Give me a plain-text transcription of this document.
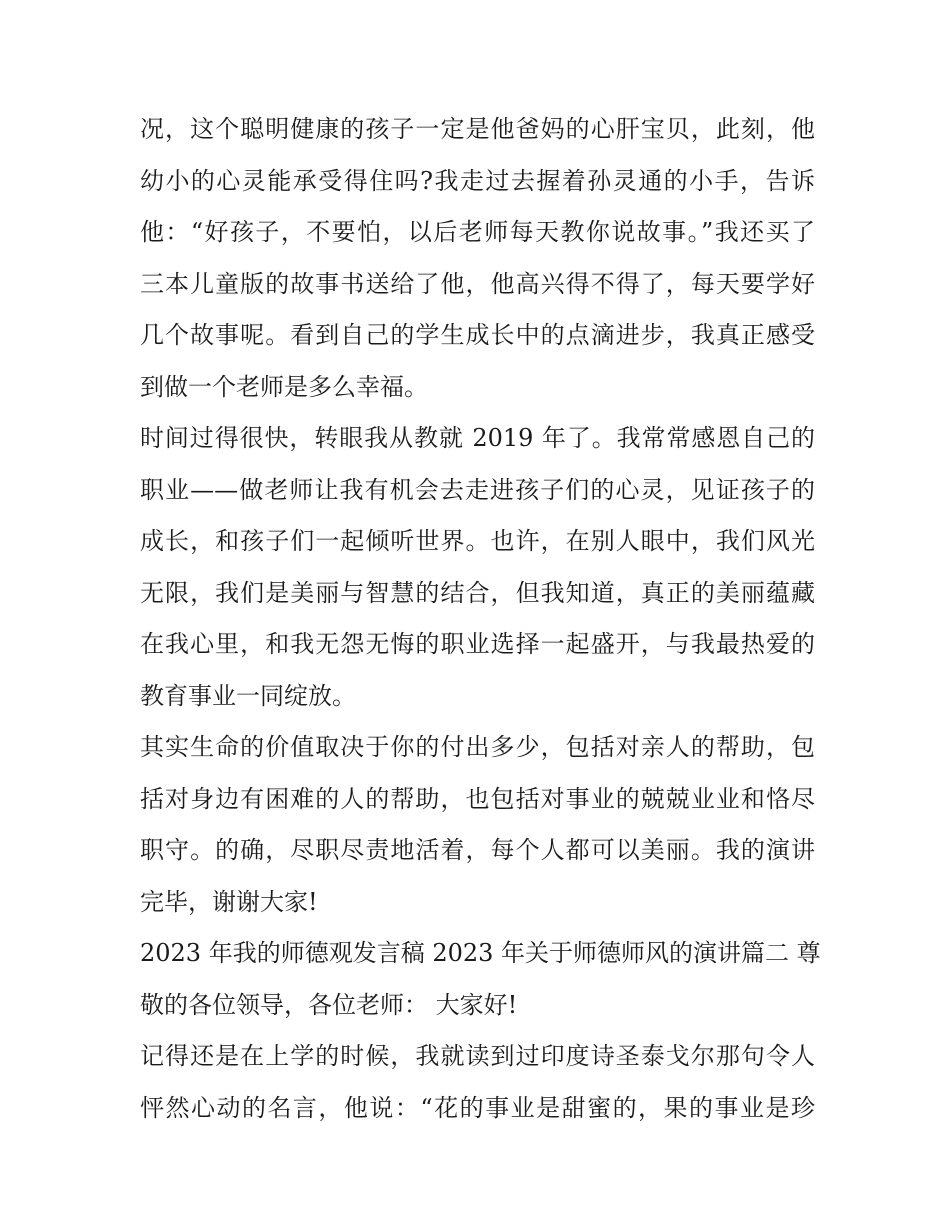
况，这个聪明健康的孩子一定是他爸妈的心肝宝贝，此刻，他
幼小的心灵能承受得住吗?我走过去握着孙灵通的小手，告诉
他：“好孩子，不要怕，以后老师每天教你说故事。”我还买了
三本儿童版的故事书送给了他，他高兴得不得了，每天要学好
几个故事呢。看到自己的学生成长中的点滴进步，我真正感受
到做一个老师是多么幸福。
时间过得很快，转眼我从教就 2019 年了。我常常感恩自己的
职业——做老师让我有机会去走进孩子们的心灵，见证孩子的
成长，和孩子们一起倾听世界。也许，在别人眼中，我们风光
无限，我们是美丽与智慧的结合，但我知道，真正的美丽蕴藏
在我心里，和我无怨无悔的职业选择一起盛开，与我最热爱的
教育事业一同绽放。
其实生命的价值取决于你的付出多少，包括对亲人的帮助，包
括对身边有困难的人的帮助，也包括对事业的兢兢业业和恪尽
职守。的确，尽职尽责地活着，每个人都可以美丽。我的演讲
完毕，谢谢大家!
2023 年我的师德观发言稿 2023 年关于师德师风的演讲篇二 尊
敬的各位领导，各位老师： 大家好!
记得还是在上学的时候，我就读到过印度诗圣泰戈尔那句令人
怦然心动的名言，他说：“花的事业是甜蜜的，果的事业是珍
